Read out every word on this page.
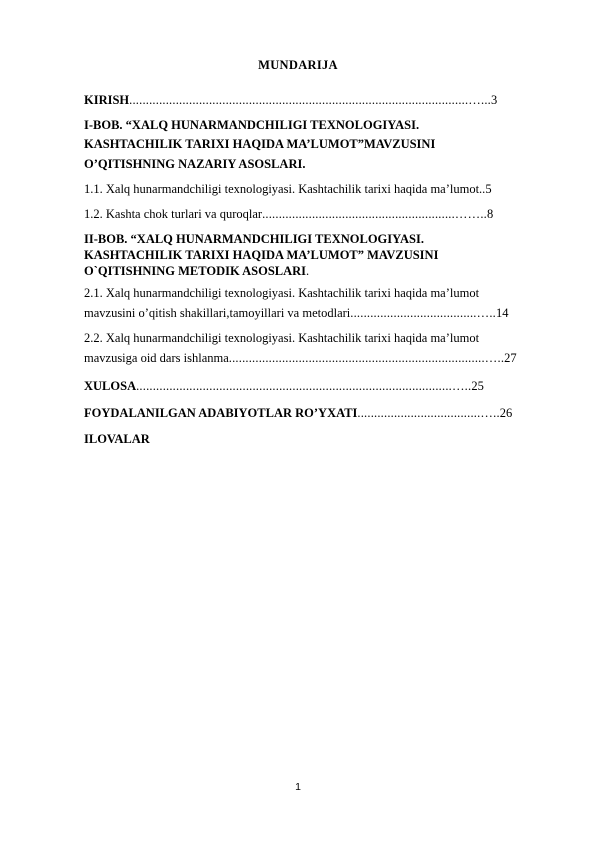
MUNDARIJA
KIRISH......................................................................................................…...3
I-BOB. “XALQ HUNARMANDCHILIGI TEXNOLOGIYASI.
KASHTACHILIK TARIXI HAQIDA MA’LUMOT”MAVZUSINI
O’QITISHNING NAZARIY ASOSLARI.
1.1. Xalq hunarmandchiligi texnologiyasi. Kashtachilik tarixi haqida ma’lumot..5
1.2. Kashta chok turlari va quroqlar..........................................................……..8
II-BOB. “XALQ HUNARMANDCHILIGI TEXNOLOGIYASI.
KASHTACHILIK TARIXI HAQIDA MA’LUMOT” MAVZUSINI
O`QITISHNING METODIK ASOSLARI.
2.1. Xalq hunarmandchiligi texnologiyasi. Kashtachilik tarixi haqida ma’lumot
mavzusini o’qitish shakillari,tamoyillari va metodlari......................................…..14
2.2. Xalq hunarmandchiligi texnologiyasi. Kashtachilik tarixi haqida ma’lumot
mavzusiga oid dars ishlanma.............................................................................…..27
XULOSA...............................................................................................…..25
FOYDALANILGAN ADABIYOTLAR RO’YXATI.....................................…..26
ILOVALAR
1
